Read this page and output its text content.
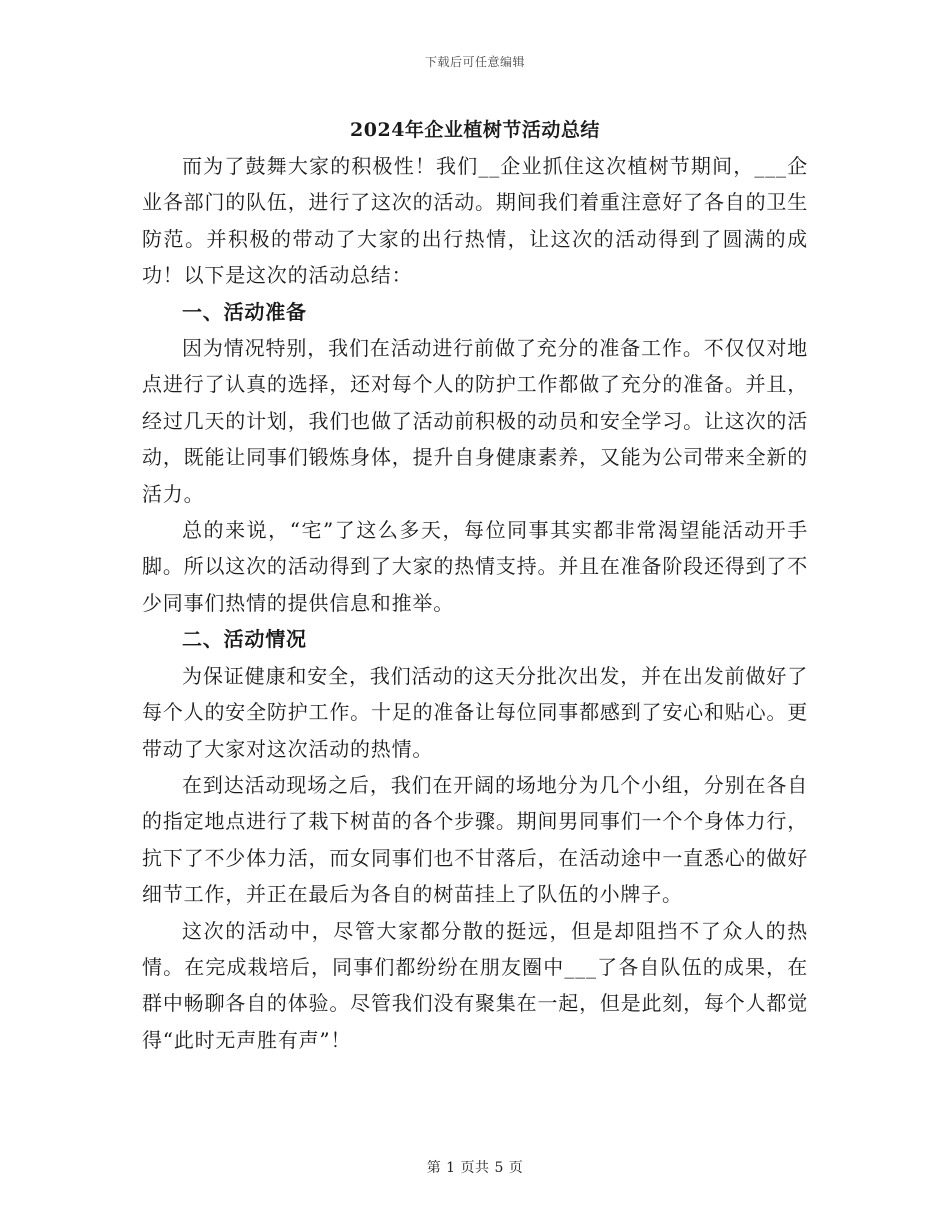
下载后可任意编辑
2024年企业植树节活动总结

而为了鼓舞大家的积极性！我们__企业抓住这次植树节期间，___企业各部门的队伍，进行了这次的活动。期间我们着重注意好了各自的卫生防范。并积极的带动了大家的出行热情，让这次的活动得到了圆满的成功！以下是这次的活动总结：

一、活动准备

因为情况特别，我们在活动进行前做了充分的准备工作。不仅仅对地点进行了认真的选择，还对每个人的防护工作都做了充分的准备。并且，经过几天的计划，我们也做了活动前积极的动员和安全学习。让这次的活动，既能让同事们锻炼身体，提升自身健康素养，又能为公司带来全新的活力。

总的来说，“宅”了这么多天，每位同事其实都非常渴望能活动开手脚。所以这次的活动得到了大家的热情支持。并且在准备阶段还得到了不少同事们热情的提供信息和推举。

二、活动情况

为保证健康和安全，我们活动的这天分批次出发，并在出发前做好了每个人的安全防护工作。十足的准备让每位同事都感到了安心和贴心。更带动了大家对这次活动的热情。

在到达活动现场之后，我们在开阔的场地分为几个小组，分别在各自的指定地点进行了栽下树苗的各个步骤。期间男同事们一个个身体力行，抗下了不少体力活，而女同事们也不甘落后，在活动途中一直悉心的做好细节工作，并正在最后为各自的树苗挂上了队伍的小牌子。

这次的活动中，尽管大家都分散的挺远，但是却阻挡不了众人的热情。在完成栽培后，同事们都纷纷在朋友圈中___了各自队伍的成果，在群中畅聊各自的体验。尽管我们没有聚集在一起，但是此刻，每个人都觉得“此时无声胜有声”！

第 1 页共 5 页
